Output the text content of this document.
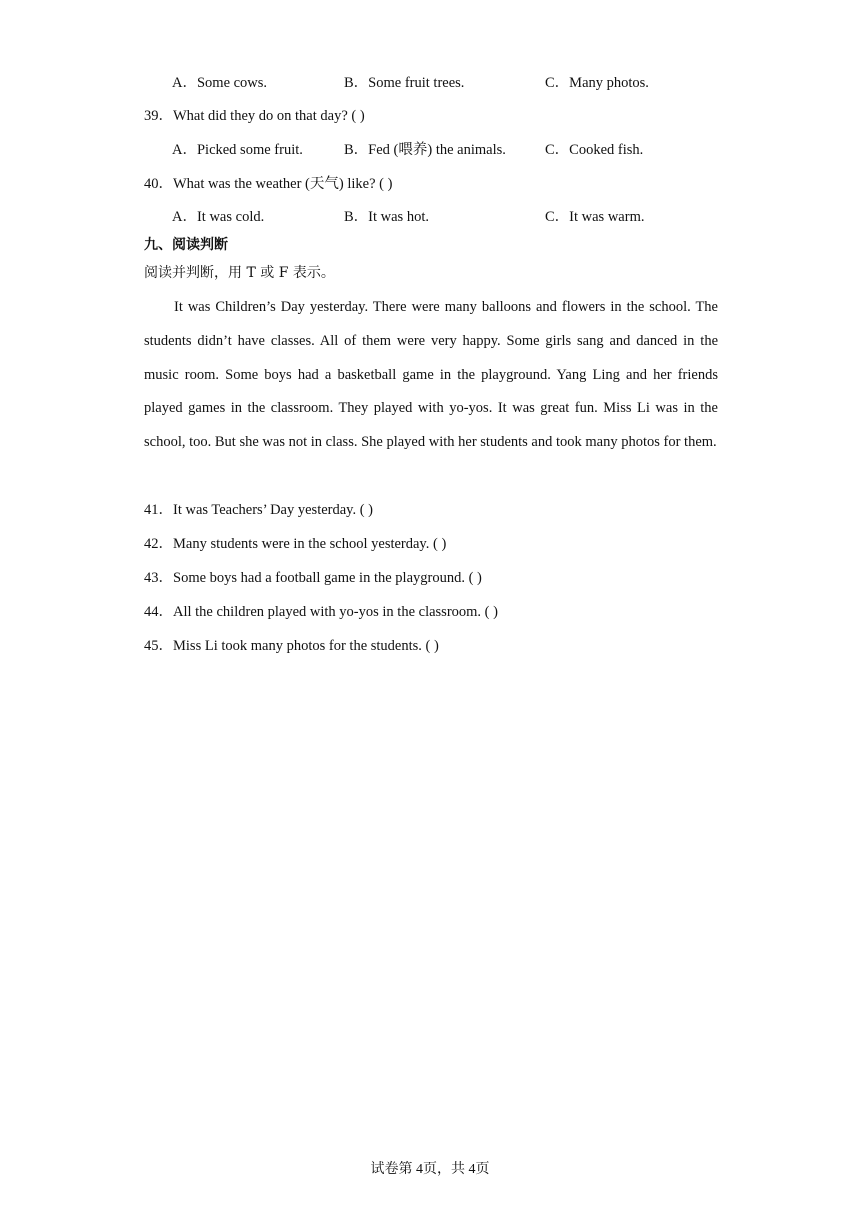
A．Some cows.	B．Some fruit trees.	C．Many photos.
39．What did they do on that day? ( )
A．Picked some fruit.	B．Fed (喂养) the animals.	C．Cooked fish.
40．What was the weather (天气) like? ( )
A．It was cold.	B．It was hot.	C．It was warm.
九、阅读判断
阅读并判断，用 T 或 F 表示。
It was Children’s Day yesterday. There were many balloons and flowers in the school. The students didn’t have classes. All of them were very happy. Some girls sang and danced in the music room. Some boys had a basketball game in the playground. Yang Ling and her friends played games in the classroom. They played with yo-yos. It was great fun. Miss Li was in the school, too. But she was not in class. She played with her students and took many photos for them.
41．It was Teachers’ Day yesterday. ( )
42．Many students were in the school yesterday. ( )
43．Some boys had a football game in the playground. ( )
44．All the children played with yo-yos in the classroom. ( )
45．Miss Li took many photos for the students. ( )
试卷第 4页，共 4页
